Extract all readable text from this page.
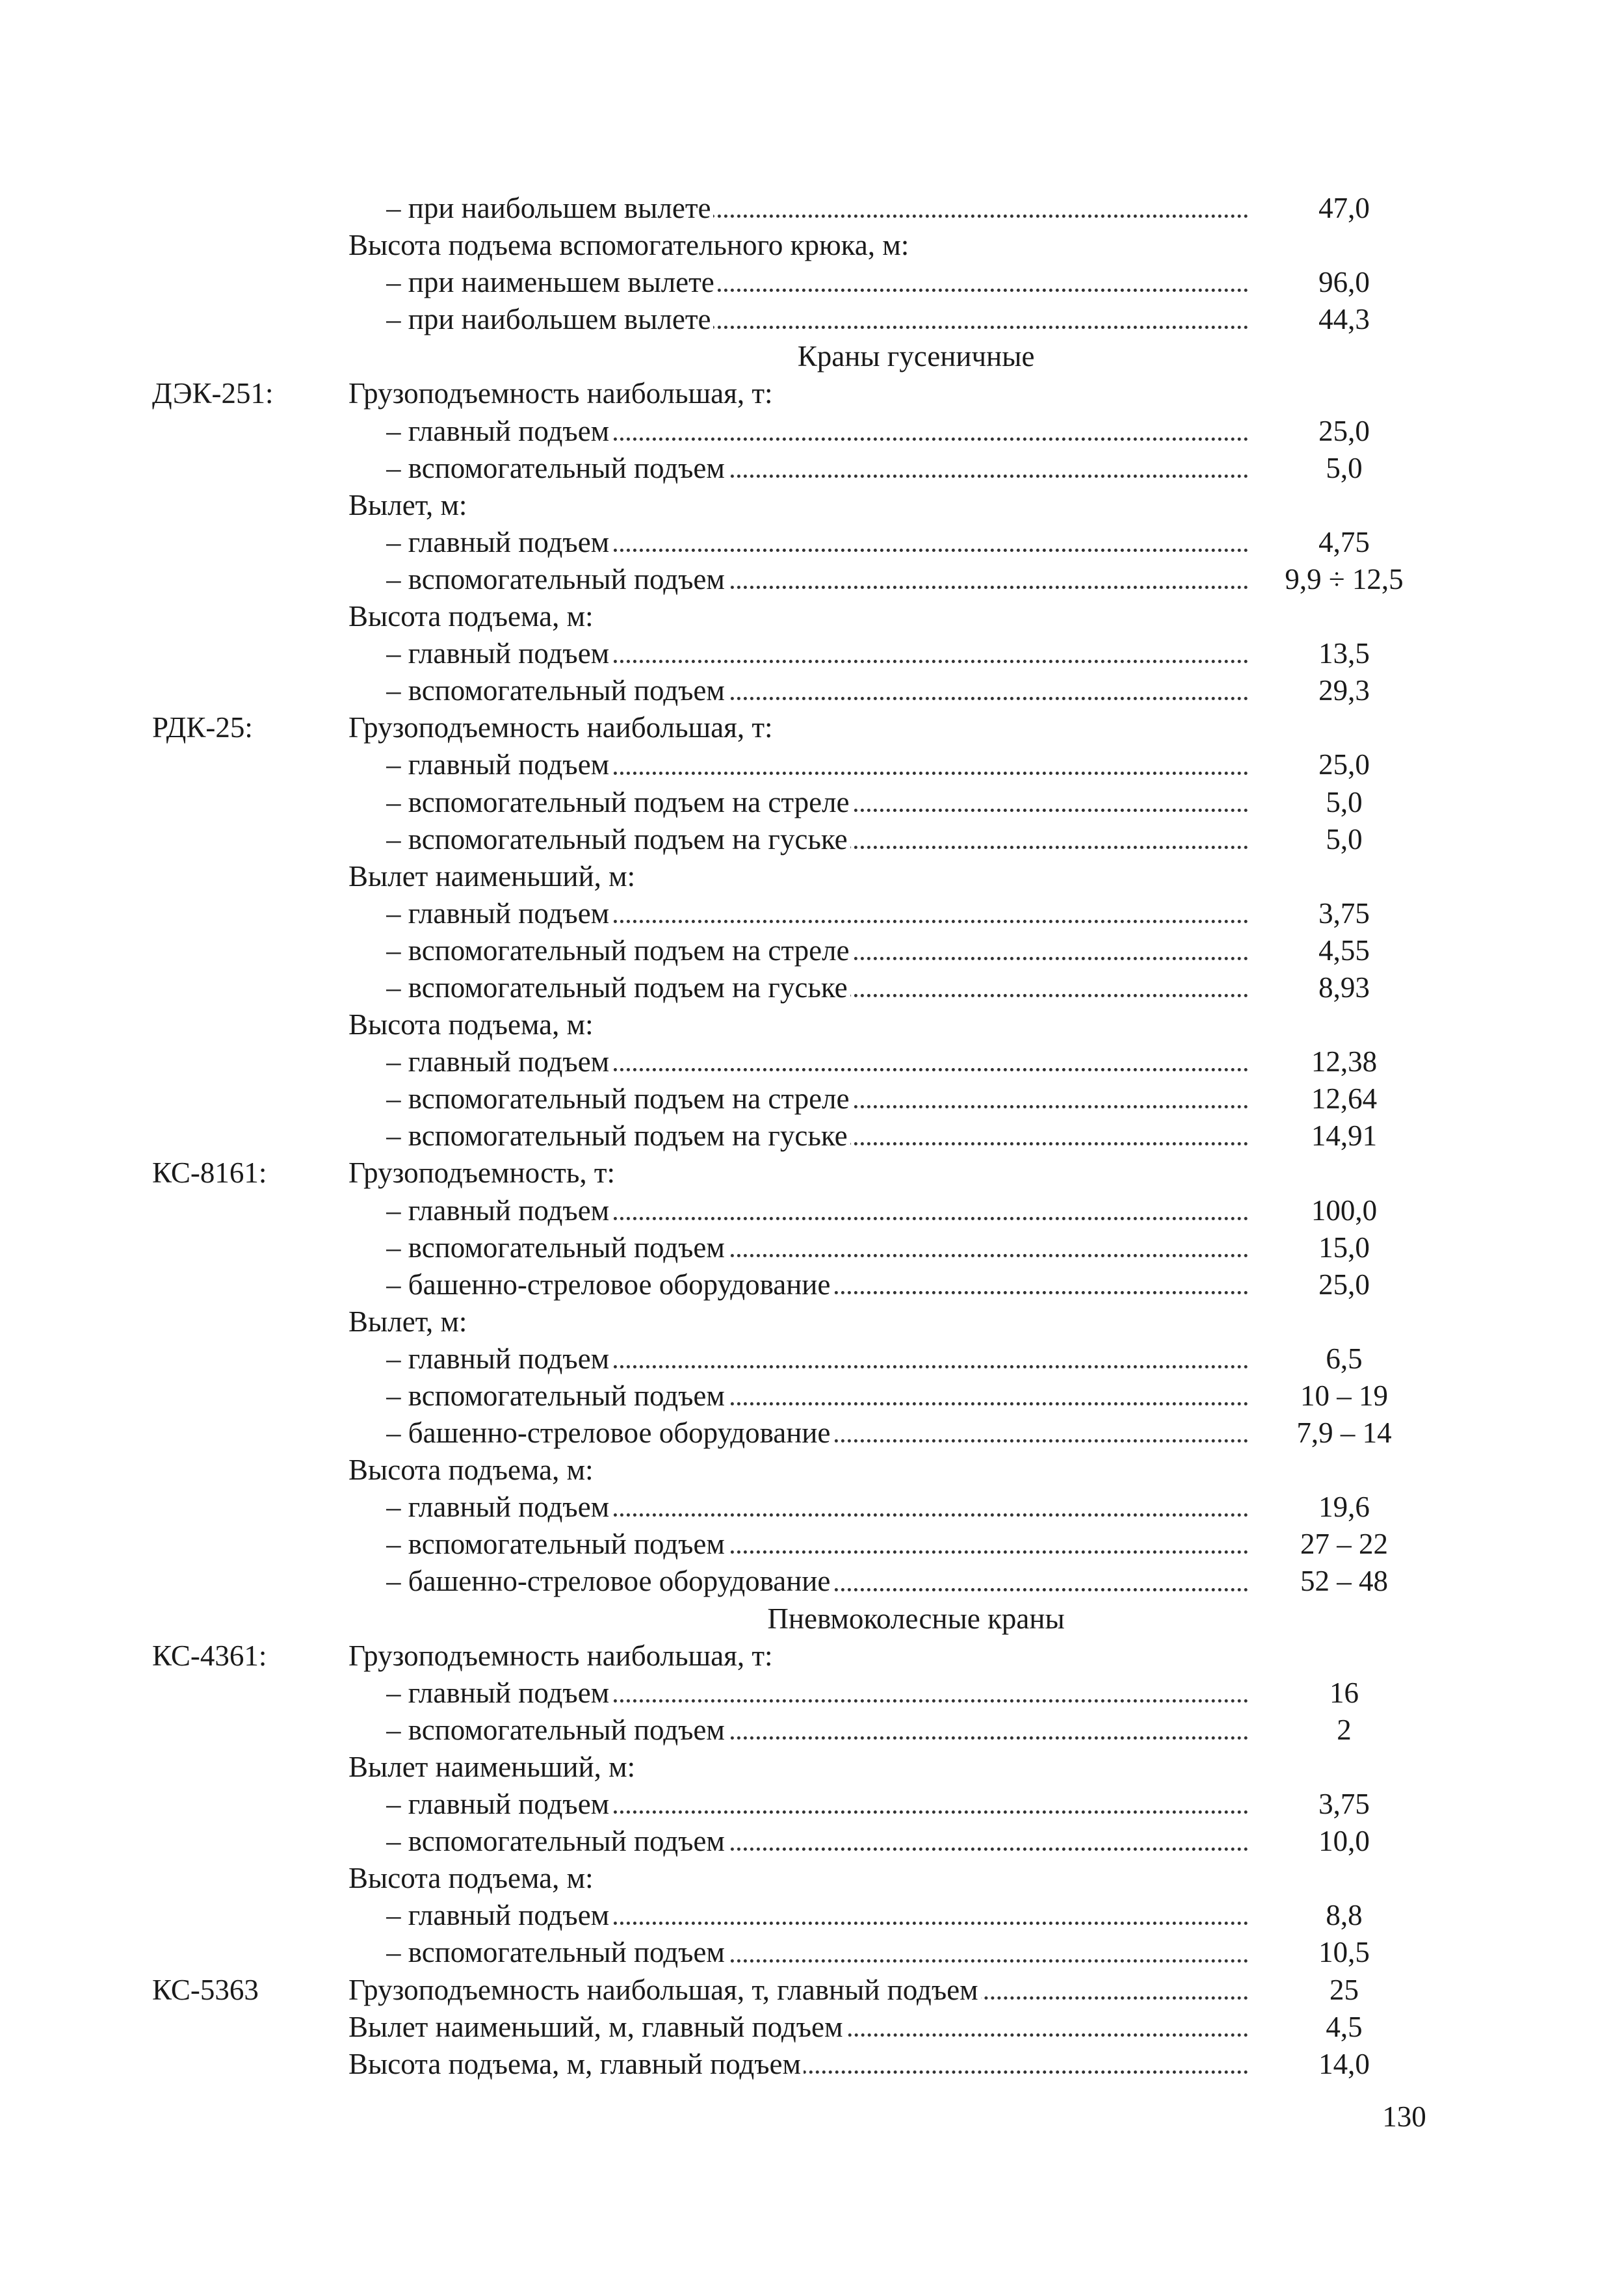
– при наибольшем вылете	47,0
Высота подъема вспомогательного крюка, м:
– при наименьшем вылете	96,0
– при наибольшем вылете	44,3
Краны гусеничные
ДЭК-251:	Грузоподъемность наибольшая, т:
– главный подъем	25,0
– вспомогательный подъем	5,0
Вылет, м:
– главный подъем	4,75
– вспомогательный подъем	9,9 ÷ 12,5
Высота подъема, м:
– главный подъем	13,5
– вспомогательный подъем	29,3
РДК-25:	Грузоподъемность наибольшая, т:
– главный подъем	25,0
– вспомогательный подъем на стреле	5,0
– вспомогательный подъем на гуське	5,0
Вылет наименьший, м:
– главный подъем	3,75
– вспомогательный подъем на стреле	4,55
– вспомогательный подъем на гуське	8,93
Высота подъема, м:
– главный подъем	12,38
– вспомогательный подъем на стреле	12,64
– вспомогательный подъем на гуське	14,91
КС-8161:	Грузоподъемность, т:
– главный подъем	100,0
– вспомогательный подъем	15,0
– башенно-стреловое оборудование	25,0
Вылет, м:
– главный подъем	6,5
– вспомогательный подъем	10 – 19
– башенно-стреловое оборудование	7,9 – 14
Высота подъема, м:
– главный подъем	19,6
– вспомогательный подъем	27 – 22
– башенно-стреловое оборудование	52 – 48
Пневмоколесные краны
КС-4361:	Грузоподъемность наибольшая, т:
– главный подъем	16
– вспомогательный подъем	2
Вылет наименьший, м:
– главный подъем	3,75
– вспомогательный подъем	10,0
Высота подъема, м:
– главный подъем	8,8
– вспомогательный подъем	10,5
КС-5363	Грузоподъемность наибольшая, т, главный подъем	25
Вылет наименьший, м, главный подъем	4,5
Высота подъема, м, главный подъем	14,0
130
